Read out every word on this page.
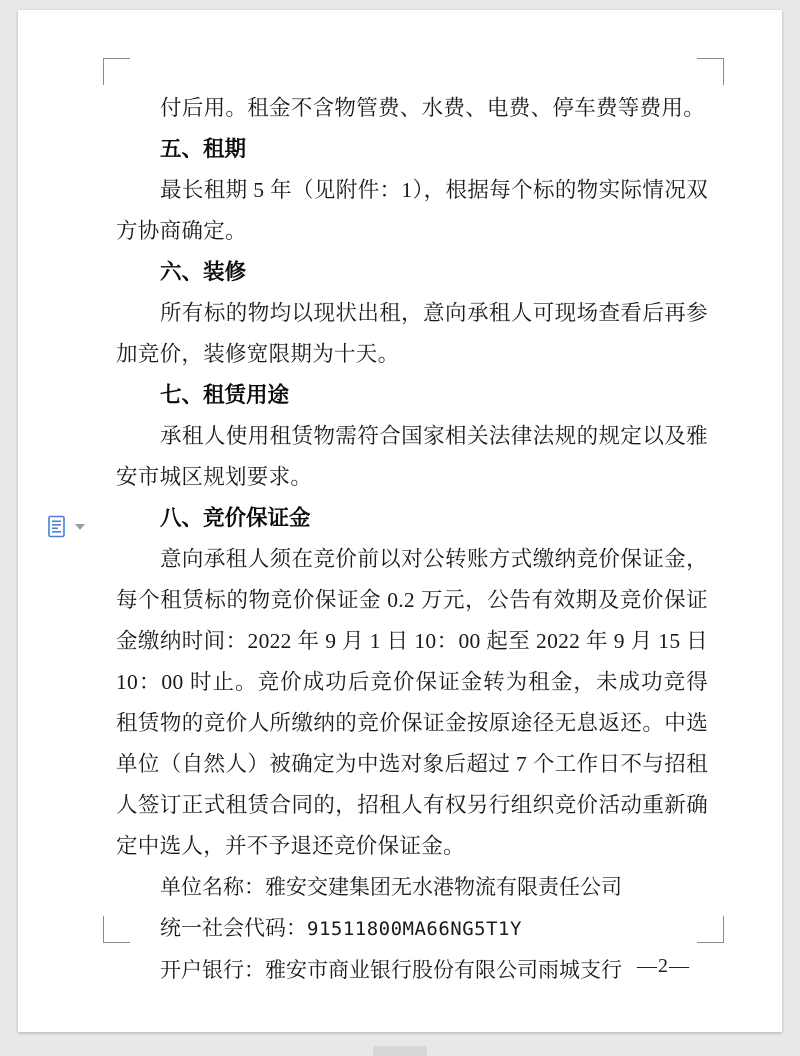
付后用。租金不含物管费、水费、电费、停车费等费用。

五、租期

最长租期 5 年（见附件：1），根据每个标的物实际情况双方协商确定。

六、装修

所有标的物均以现状出租，意向承租人可现场查看后再参加竞价，装修宽限期为十天。

七、租赁用途

承租人使用租赁物需符合国家相关法律法规的规定以及雅安市城区规划要求。

八、竞价保证金

意向承租人须在竞价前以对公转账方式缴纳竞价保证金，每个租赁标的物竞价保证金 0.2 万元，公告有效期及竞价保证金缴纳时间：2022 年 9 月 1 日 10：00 起至 2022 年 9 月 15 日 10：00 时止。竞价成功后竞价保证金转为租金，未成功竞得租赁物的竞价人所缴纳的竞价保证金按原途径无息返还。中选单位（自然人）被确定为中选对象后超过 7 个工作日不与招租人签订正式租赁合同的，招租人有权另行组织竞价活动重新确定中选人，并不予退还竞价保证金。

单位名称：雅安交建集团无水港物流有限责任公司

统一社会代码：91511800MA66NG5T1Y

开户银行：雅安市商业银行股份有限公司雨城支行 —2—
